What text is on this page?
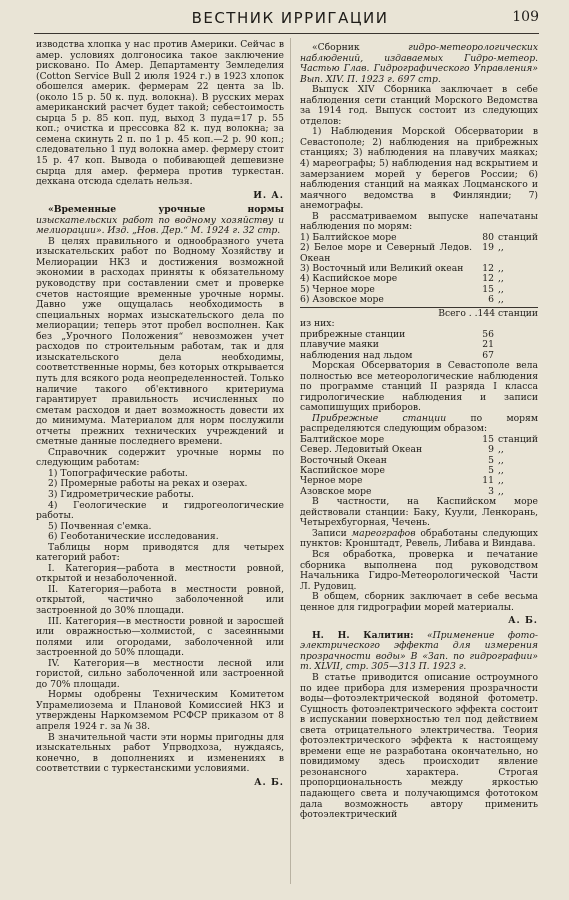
ВЕСТНИК ИРРИГАЦИИ	109

изводства хлопка у нас против Америки. Сейчас в амер. условиях долгоносика такое заключение рисковано. По Амер. Департаменту Земледелия (Cotton Service Bull 2 июля 1924 г.) в 1923 хлопок обошелся америк. фермерам 22 цента за lb. (около 15 р. 50 к. пуд. волокна). В русских мерах американский расчет будет такой; себестоимость сырца 5 р. 85 коп. пуд, выход 3 пуда=17 р. 55 коп.; очистка и прессовка 82 к. пуд волокна; за семена скинуть 2 п. по 1 р. 45 коп.—2 р. 90 коп.; следовательно 1 пуд волокна амер. фермеру стоит 15 р. 47 коп. Вывода о побивающей дешевизне сырца для амер. фермера против туркестан. дехкана отсюда сделать нельзя.

И. А.

«Временные урочные нормы изыскательских работ по водному хозяйству и мелиорации». Изд. „Нов. Дер.“ М. 1924 г. 32 стр.

В целях правильного и однообразного учета изыскательских работ по Водному Хозяйству и Мелиорации НКЗ и достижения возможной экономии в расходах приняты к обязательному руководству при составлении смет и проверке счетов настоящие временные урочные нормы. Давно уже ощущалась необходимость в специальных нормах изыскательского дела по мелиорации; теперь этот пробел восполнен. Как без „Урочного Положения“ невозможен учет расходов по строительным работам, так и для изыскательского дела необходимы, соответственные нормы, без которых открывается путь для всякого рода неопределенностей. Только наличие такого об'ективного критериума гарантирует правильность исчисленных по сметам расходов и дает возможность довести их до минимума. Материалом для норм послужили отчеты прежних технических учреждений и сметные данные последнего времени.

Справочник содержит урочные нормы по следующим работам:

1) Топографические работы.

2) Промерные работы на реках и озерах.

3) Гидрометрические работы.

4) Геологические и гидрогеологические работы.

5) Почвенная с'емка.

6) Геоботанические исследования.

Таблицы норм приводятся для четырех категорий работ:

I. Категория—работа в местности ровной, открытой и незаболоченной.

II. Категория—работа в местности ровной, открытой, частично заболоченной или застроенной до 30% площади.

III. Категория—в местности ровной и заросшей или овражностью—холмистой, с засеянными полями или огородами, заболоченной или застроенной до 50% площади.

IV. Категория—в местности лесной или гористой, сильно заболоченной или застроенной до 70% площади.

Нормы одобрены Техническим Комитетом Упрамелиозема и Плановой Комиссией НКЗ и утверждены Наркомземом РСФСР приказом от 8 апреля 1924 г. за № 38.

В значительной части эти нормы пригодны для изыскательных работ Упрводхоза, нуждаясь, конечно, в дополнениях и изменениях в соответствии с туркестанскими условиями.

А. Б.

«Сборник	гидро-метеорологических наблюдений, издаваемых Гидро-метеор. Частью Глав. Гидрографического Управления» Вып. XIV. П. 1923 г. 697 стр.

Выпуск XIV Сборника заключает в себе наблюдения сети станций Морского Ведомства за 1914 год. Выпуск состоит из следующих отделов:

1) Наблюдения Морской Обсерватории в Севастополе; 2) наблюдения на прибрежных станциях; 3) наблюдения на плавучих маяках; 4) мареографы; 5) наблюдения над вскрытием и замерзанием морей у берегов России; 6) наблюдения станций на маяках Лоцманского и маячного ведомства в Финляндии; 7) анемографы.

В рассматриваемом выпуске напечатаны наблюдения по морям:

1) Балтийское море	80	станций
2) Белое море и Северный Ледов. Океан	19	,,
3) Восточный или Великий океан	12	,,
4) Каспийское море	12	,,
5) Черное море	15	,,
6) Азовское море	6	,,
Всего . .144 станции

из них:

прибрежные станции	56	
плавучие маяки	21	
наблюдения над льдом	67	

Морская Обсерватория в Севастополе вела полностью все метеорологические наблюдения по программе станций II разряда I класса гидрологические наблюдения и записи самопишущих приборов.

Прибрежные станции	по морям распределяются следующим образом:

Балтийское море	15	станций
Север. Ледовитый Океан	9	,,
Восточный Океан	5	,,
Каспийское море	5	,,
Черное море	11	,,
Азовское море	3	,,

В частности, на Каспийском море действовали станции: Баку, Куули, Ленкорань, Четырехбугорная, Чечень.

Записи мареографов обработаны следующих пунктов: Кронштадт, Ревель, Либава и Виндава.

Вся обработка, проверка и печатание сборника выполнена под руководством Начальника Гидро-Метеорологической Части Л. Рудовиц.

В общем, сборник заключает в себе весьма ценное для гидрографии морей материалы.

А. Б.

Н. Н. Калитин: «Применение фото-электрического эффекта для измерения прозрачности воды» В «Зап. по гидрографии» т. XLVII, стр. 305—313 П. 1923 г.

В статье приводится описание остроумного по идее прибора для измерения прозрачности воды—фотоэлектрической водяной фотометр. Сущность фотоэлектрического эффекта состоит в испускании поверхностью тел под действием света отрицательного электричества. Теория фотоэлектрического эффекта к настоящему времени еще не разработана окончательно, но повидимому здесь происходит явление резонансного характера. Строгая пропорциональность между яркостью падающего света и получающимся фототоком дала возможность автору применить фотоэлектрический
